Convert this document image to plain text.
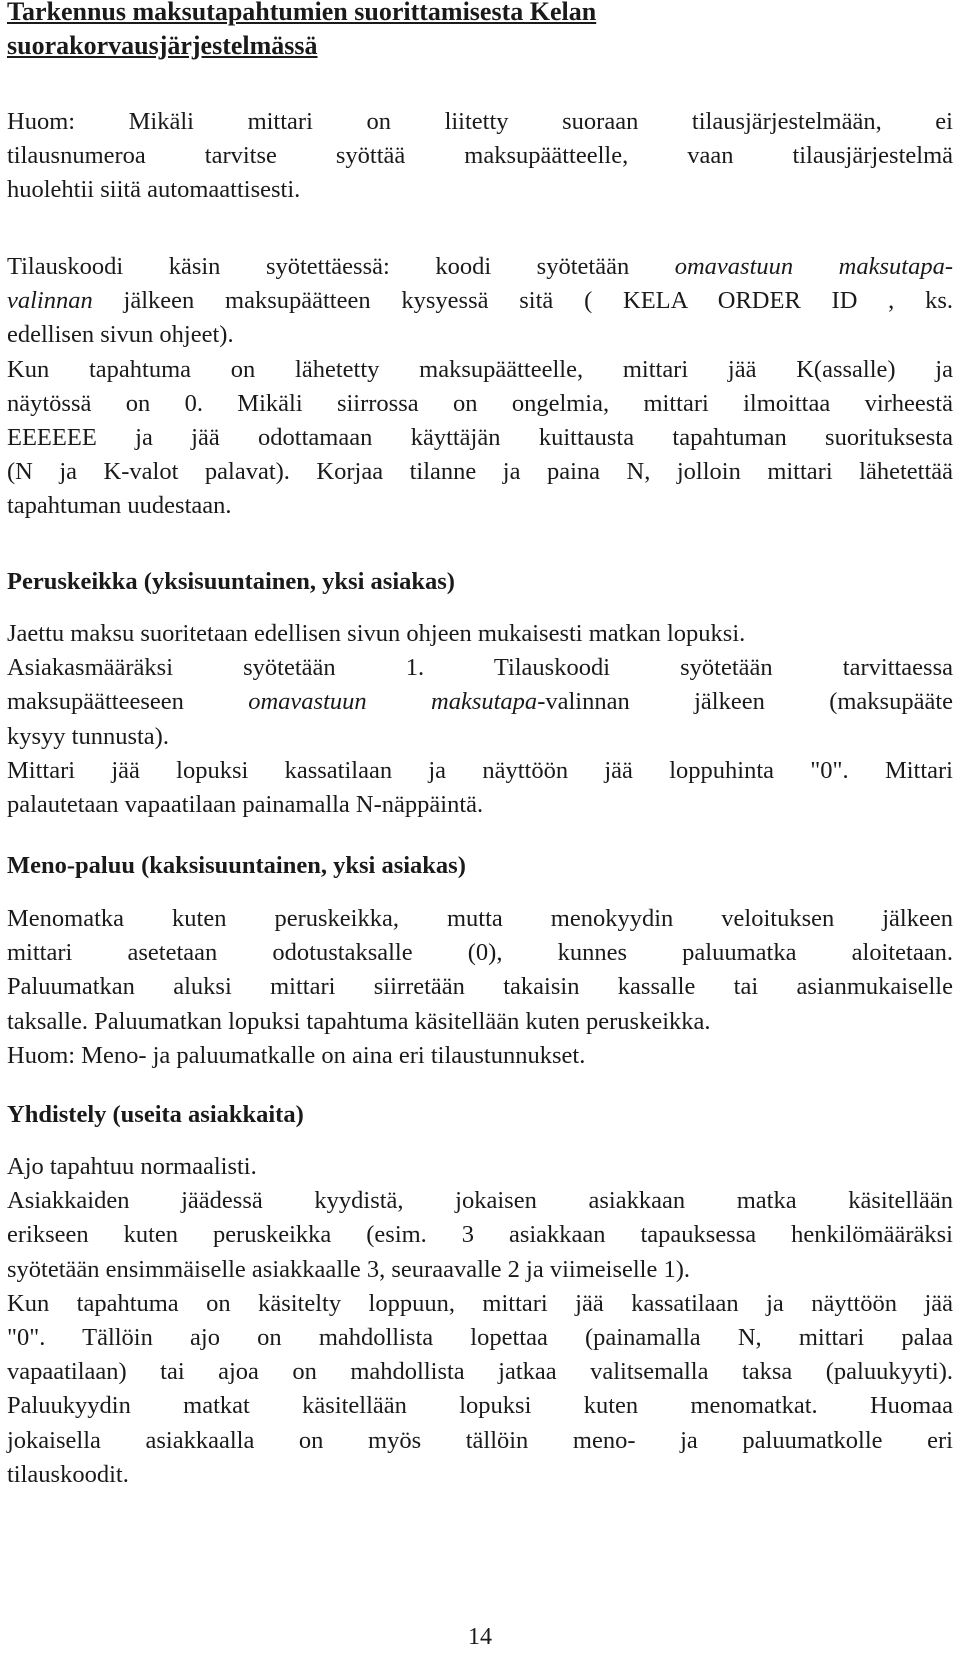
Tarkennus maksutapahtumien suorittamisesta Kelan
suorakorvausjärjestelmässä
Huom: Mikäli mittari on liitetty suoraan tilausjärjestelmään, ei
tilausnumeroa tarvitse syöttää maksupäätteelle, vaan tilausjärjestelmä
huolehtii siitä automaattisesti.
Tilauskoodi käsin syötettäessä: koodi syötetään omavastuun maksutapa-
valinnan jälkeen maksupäätteen kysyessä sitä ( KELA ORDER ID , ks.
edellisen sivun ohjeet).
Kun tapahtuma on lähetetty maksupäätteelle, mittari jää K(assalle) ja
näytössä on 0. Mikäli siirrossa on ongelmia, mittari ilmoittaa virheestä
EEEEEE ja jää odottamaan käyttäjän kuittausta tapahtuman suorituksesta
(N ja K-valot palavat). Korjaa tilanne ja paina N, jolloin mittari lähetettää
tapahtuman uudestaan.
Peruskeikka (yksisuuntainen, yksi asiakas)
Jaettu maksu suoritetaan edellisen sivun ohjeen mukaisesti matkan lopuksi.
Asiakasmääräksi syötetään 1. Tilauskoodi syötetään tarvittaessa
maksupäätteeseen omavastuun maksutapa-valinnan jälkeen (maksupääte
kysyy tunnusta).
Mittari jää lopuksi kassatilaan ja näyttöön jää loppuhinta "0". Mittari
palautetaan vapaatilaan painamalla N-näppäintä.
Meno-paluu (kaksisuuntainen, yksi asiakas)
Menomatka kuten peruskeikka, mutta menokyydin veloituksen jälkeen
mittari asetetaan odotustaksalle (0), kunnes paluumatka aloitetaan.
Paluumatkan aluksi mittari siirretään takaisin kassalle tai asianmukaiselle
taksalle. Paluumatkan lopuksi tapahtuma käsitellään kuten peruskeikka.
Huom: Meno- ja paluumatkalle on aina eri tilaustunnukset.
Yhdistely (useita asiakkaita)
Ajo tapahtuu normaalisti.
Asiakkaiden jäädessä kyydistä, jokaisen asiakkaan matka käsitellään
erikseen kuten peruskeikka (esim. 3 asiakkaan tapauksessa henkilömääräksi
syötetään ensimmäiselle asiakkaalle 3, seuraavalle 2 ja viimeiselle 1).
Kun tapahtuma on käsitelty loppuun, mittari jää kassatilaan ja näyttöön jää
"0". Tällöin ajo on mahdollista lopettaa (painamalla N, mittari palaa
vapaatilaan) tai ajoa on mahdollista jatkaa valitsemalla taksa (paluukyyti).
Paluukyydin matkat käsitellään lopuksi kuten menomatkat. Huomaa
jokaisella asiakkaalla on myös tällöin meno- ja paluumatkolle eri
tilauskoodit.
14
